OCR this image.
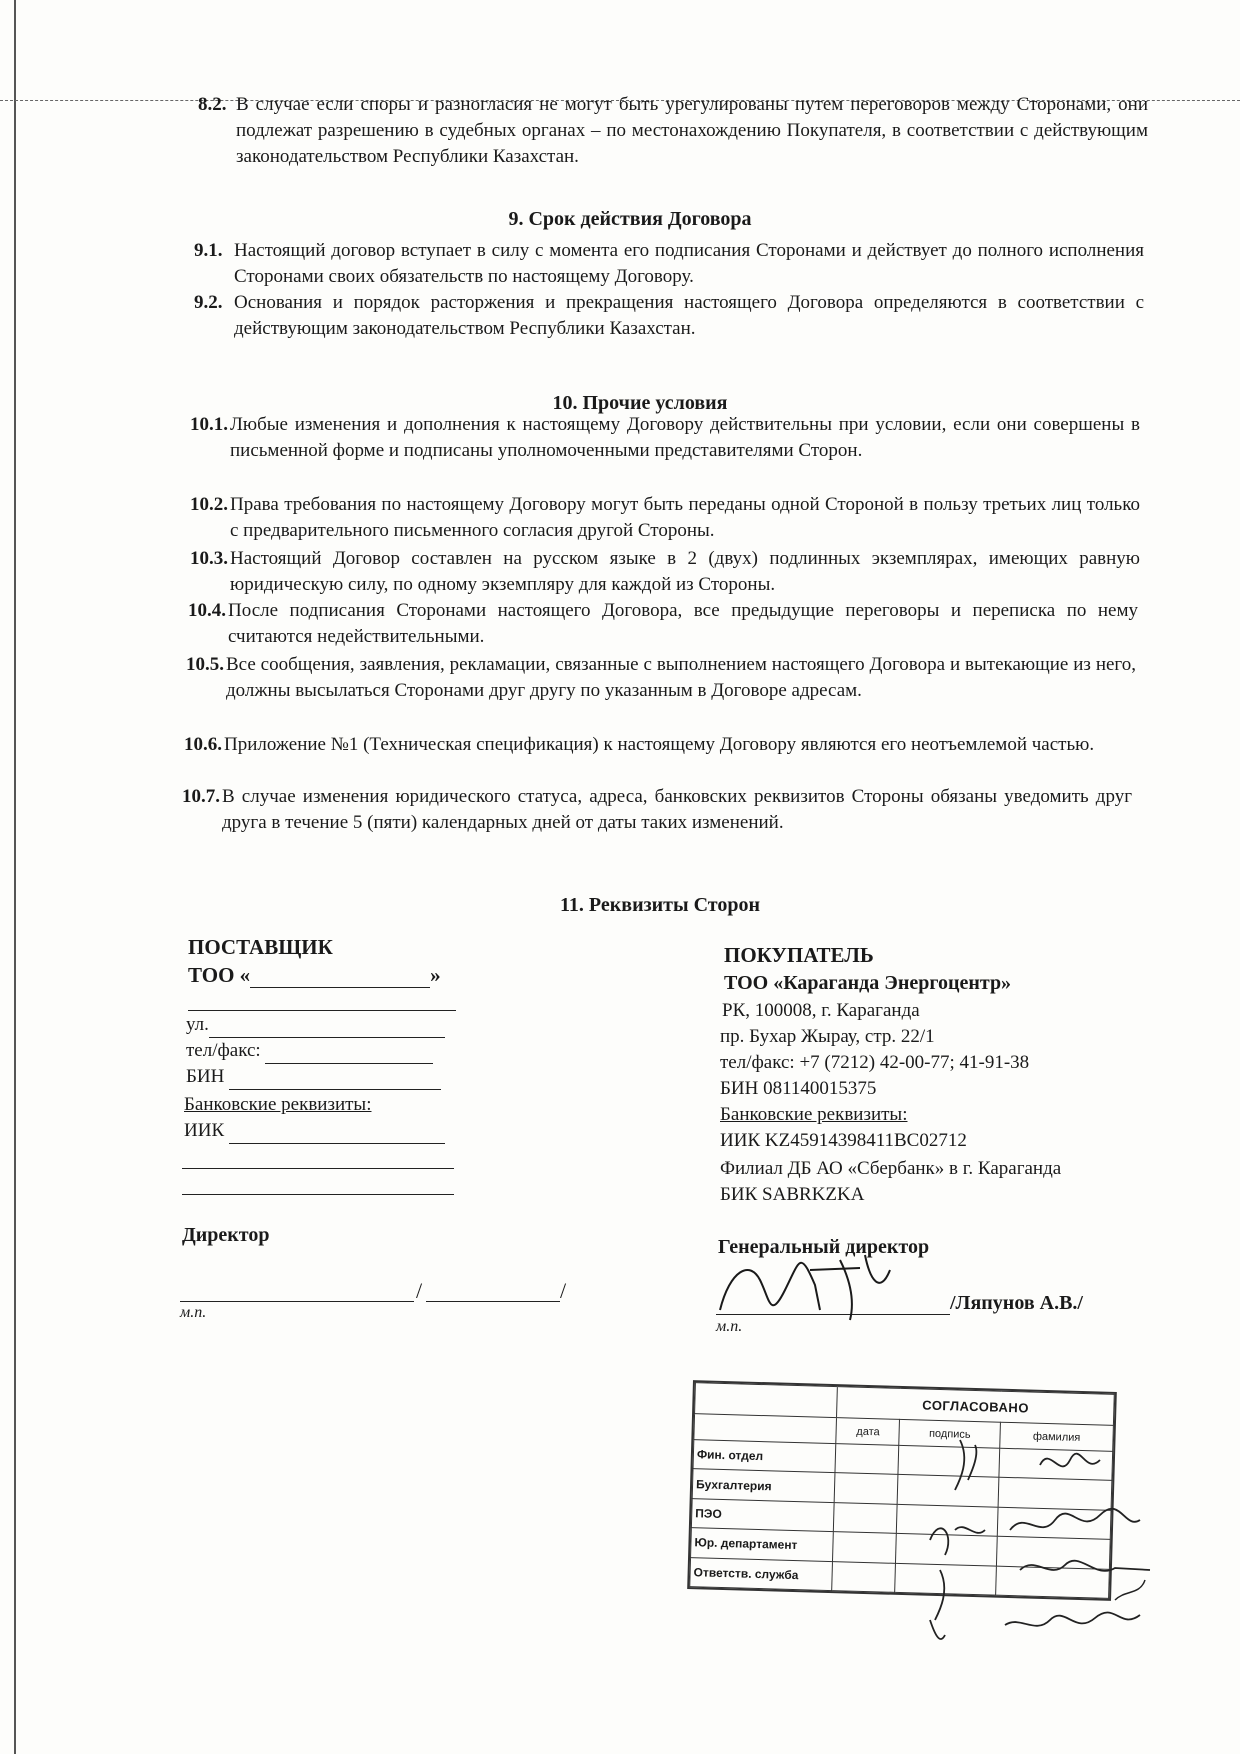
8.2. В случае если споры и разногласия не могут быть урегулированы путем переговоров между Сторонами, они подлежат разрешению в судебных органах – по местонахождению Покупателя, в соответствии с действующим законодательством Республики Казахстан.
9. Срок действия Договора
9.1. Настоящий договор вступает в силу с момента его подписания Сторонами и действует до полного исполнения Сторонами своих обязательств по настоящему Договору.
9.2. Основания и порядок расторжения и прекращения настоящего Договора определяются в соответствии с действующим законодательством Республики Казахстан.
10. Прочие условия
10.1. Любые изменения и дополнения к настоящему Договору действительны при условии, если они совершены в письменной форме и подписаны уполномоченными представителями Сторон.
10.2. Права требования по настоящему Договору могут быть переданы одной Стороной в пользу третьих лиц только с предварительного письменного согласия другой Стороны.
10.3. Настоящий Договор составлен на русском языке в 2 (двух) подлинных экземплярах, имеющих равную юридическую силу, по одному экземпляру для каждой из Стороны.
10.4. После подписания Сторонами настоящего Договора, все предыдущие переговоры и переписка по нему считаются недействительными.
10.5. Все сообщения, заявления, рекламации, связанные с выполнением настоящего Договора и вытекающие из него, должны высылаться Сторонами друг другу по указанным в Договоре адресам.
10.6. Приложение №1 (Техническая спецификация) к настоящему Договору являются его неотъемлемой частью.
10.7. В случае изменения юридического статуса, адреса, банковских реквизитов Стороны обязаны уведомить друг друга в течение 5 (пяти) календарных дней от даты таких изменений.
11. Реквизиты Сторон
ПОСТАВЩИК
ТОО «	»
ул.
тел/факс:
БИН
Банковские реквизиты:
ИИК
Директор
/	/
м.п.
ПОКУПАТЕЛЬ
ТОО «Караганда Энергоцентр»
РК, 100008, г. Караганда
пр. Бухар Жырау, стр. 22/1
тел/факс: +7 (7212) 42-00-77; 41-91-38
БИН 081140015375
Банковские реквизиты:
ИИК KZ45914398411BC02712
Филиал ДБ АО «Сбербанк» в г. Караганда
БИК SABRKZKA
Генеральный директор
/Ляпунов А.В./
м.п.
	СОГЛАСОВАНО		
	дата	подпись	фамилия
Фин. отдел			
Бухгалтерия			
ПЭО			
Юр. департамент			
Ответств. служба			
